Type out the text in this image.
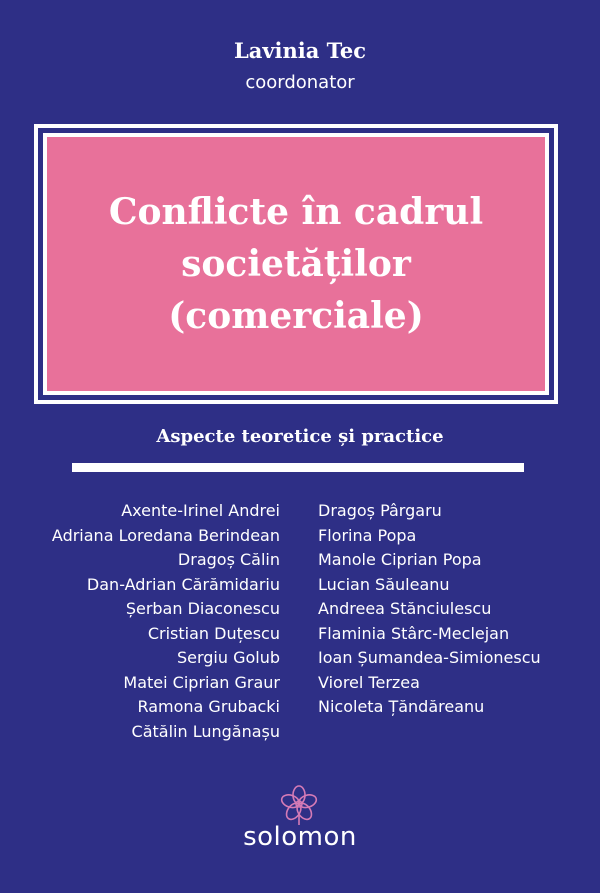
Lavinia Tec
coordonator
Conflicte în cadrul
societăților
(comerciale)
Aspecte teoretice și practice
Axente-Irinel Andrei
Adriana Loredana Berindean
Dragoș Călin
Dan-Adrian Cărămidariu
Șerban Diaconescu
Cristian Duțescu
Sergiu Golub
Matei Ciprian Graur
Ramona Grubacki
Cătălin Lungănașu
Dragoș Pârgaru
Florina Popa
Manole Ciprian Popa
Lucian Săuleanu
Andreea Stănciulescu
Flaminia Stârc-Meclejan
Ioan Șumandea-Simionescu
Viorel Terzea
Nicoleta Țăndăreanu
solomon
